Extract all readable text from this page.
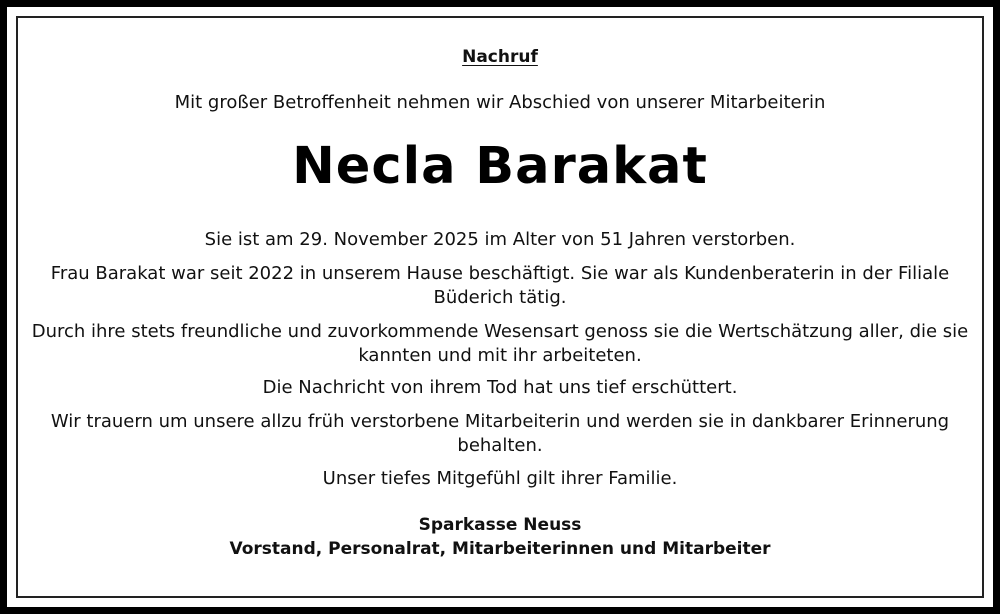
Nachruf
Mit großer Betroffenheit nehmen wir Abschied von unserer Mitarbeiterin
Necla Barakat
Sie ist am 29. November 2025 im Alter von 51 Jahren verstorben.
Frau Barakat war seit 2022 in unserem Hause beschäftigt. Sie war als Kundenberaterin in der Filiale Büderich tätig.
Durch ihre stets freundliche und zuvorkommende Wesensart genoss sie die Wertschätzung aller, die sie kannten und mit ihr arbeiteten.
Die Nachricht von ihrem Tod hat uns tief erschüttert.
Wir trauern um unsere allzu früh verstorbene Mitarbeiterin und werden sie in dankbarer Erinnerung behalten.
Unser tiefes Mitgefühl gilt ihrer Familie.
Sparkasse Neuss
Vorstand, Personalrat, Mitarbeiterinnen und Mitarbeiter
